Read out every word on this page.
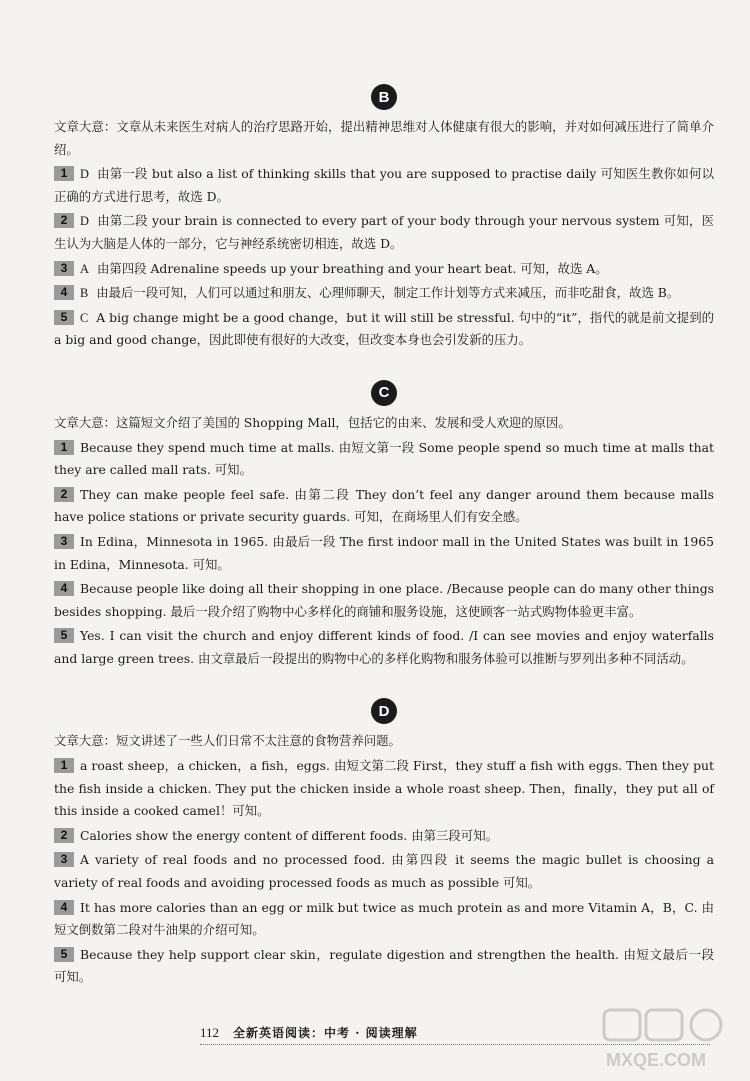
B

文章大意：文章从未来医生对病人的治疗思路开始，提出精神思维对人体健康有很大的影响，并对如何减压进行了简单介绍。

1 D 由第一段 but also a list of thinking skills that you are supposed to practise daily 可知医生教你如何以正确的方式进行思考，故选 D。

2 D 由第二段 your brain is connected to every part of your body through your nervous system 可知，医生认为大脑是人体的一部分，它与神经系统密切相连，故选 D。

3 A 由第四段 Adrenaline speeds up your breathing and your heart beat. 可知，故选 A。

4 B 由最后一段可知，人们可以通过和朋友、心理师聊天，制定工作计划等方式来减压，而非吃甜食，故选 B。

5 C A big change might be a good change，but it will still be stressful. 句中的“it”，指代的就是前文提到的 a big and good change，因此即使有很好的大改变，但改变本身也会引发新的压力。

C

文章大意：这篇短文介绍了美国的 Shopping Mall，包括它的由来、发展和受人欢迎的原因。

1 Because they spend much time at malls. 由短文第一段 Some people spend so much time at malls that they are called mall rats. 可知。

2 They can make people feel safe. 由第二段 They don’t feel any danger around them because malls have police stations or private security guards. 可知，在商场里人们有安全感。

3 In Edina，Minnesota in 1965. 由最后一段 The first indoor mall in the United States was built in 1965 in Edina，Minnesota. 可知。

4 Because people like doing all their shopping in one place. /Because people can do many other things besides shopping. 最后一段介绍了购物中心多样化的商铺和服务设施，这使顾客一站式购物体验更丰富。

5 Yes. I can visit the church and enjoy different kinds of food. /I can see movies and enjoy waterfalls and large green trees. 由文章最后一段提出的购物中心的多样化购物和服务体验可以推断与罗列出多种不同活动。

D

文章大意：短文讲述了一些人们日常不太注意的食物营养问题。

1 a roast sheep，a chicken，a fish，eggs. 由短文第二段 First，they stuff a fish with eggs. Then they put the fish inside a chicken. They put the chicken inside a whole roast sheep. Then，finally，they put all of this inside a cooked camel！可知。

2 Calories show the energy content of different foods. 由第三段可知。

3 A variety of real foods and no processed food. 由第四段 it seems the magic bullet is choosing a variety of real foods and avoiding processed foods as much as possible 可知。

4 It has more calories than an egg or milk but twice as much protein as and more Vitamin A，B，C. 由短文倒数第二段对牛油果的介绍可知。

5 Because they help support clear skin，regulate digestion and strengthen the health. 由短文最后一段可知。

112 全新英语阅读：中考 · 阅读理解
MXQE.COM
